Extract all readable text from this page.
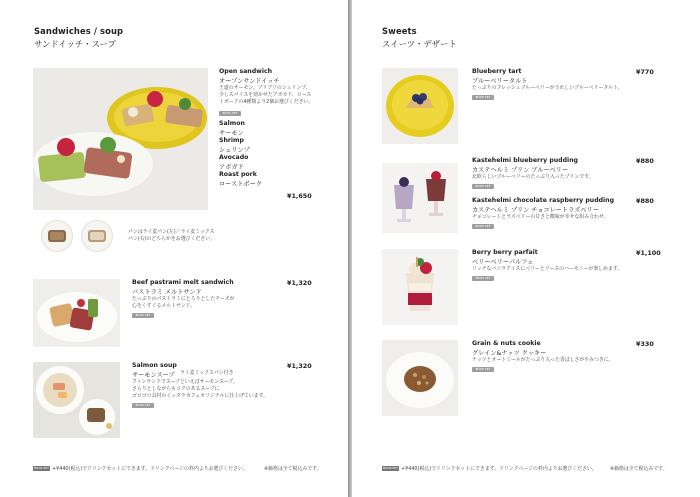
Sandwiches / soup
サンドイッチ・スープ
Open sandwich
オープンサンドイッチ
王道のサーモン、プリプリのシュリンプ、
少しスパイスを効かせたアボカド、ロース
トポークの4種類より2個お選びください。
BOOK SET
Salmon
サーモン
Shrimp
シュリンプ
Avocado
アボガド
Roast pork
ローストポーク
¥1,650
パンはライ麦パン(左)／ライ麦ミックス
パン(右)のどちらかをお選びください。
Beef pastrami melt sandwich
パストラミ メルトサンド
たっぷりのパストラミにとろりとしたチーズが
心をくすぐるメルトサンド。
BOOK SET
¥1,320
Salmon soup
サーモンスープ ライ麦ミックスパン付き
フィンランドでスープといえばサーモンスープ。
さらりとしながらもコクのあるスープに
ゴロゴロ具材のイッタラカフェオリジナルに仕上げています。
BOOK SET
¥1,320
BOOK SET +¥440(税込)でドリンクセットにできます。ドリンクページの枠内よりお選びください。	※価格は全て税込みです。
Sweets
スイーツ・デザート
Blueberry tart
ブルーベリータルト
たっぷりのフレッシュブルーベリーがうれしいブルーベリータルト。
BOOK SET
¥770
Kastehelmi blueberry pudding
カステヘルミ プリン ブルーベリー
北欧らしいブルーベリーのたっぷり入ったプリンです。
BOOK SET
¥880
Kastehelmi chocolate raspberry pudding
カステヘルミ プリン チョコレートラズベリー
チョコレートとラズベリーの甘さと酸味が幸せな組み合わせ。
BOOK SET
¥880
Berry berry parfait
ベリーベリーパルフェ
リッチなバニラアイスにベリーとソースのハーモニーが楽しめます。
BOOK SET
¥1,100
Grain & nuts cookie
グレイン&ナッツ クッキー
ナッツとオートミールがたっぷり入った香ばしさがやみつきに。
BOOK SET
¥330
BOOK SET +¥440(税込)でドリンクセットにできます。ドリンクページの枠内よりお選びください。	※価格は全て税込みです。
